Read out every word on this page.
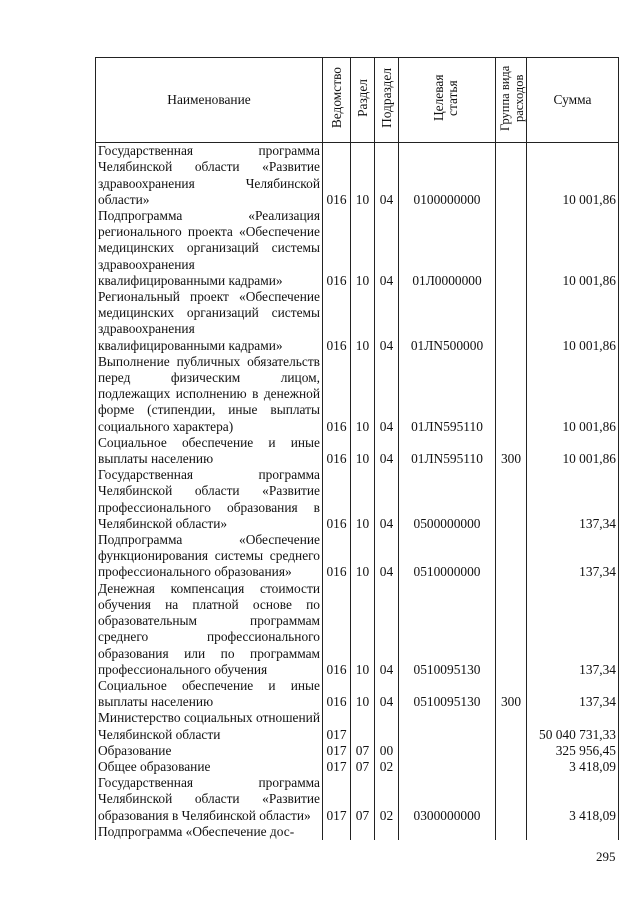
Наименование	Ведомство	Раздел	Подраздел	Целевая статья	Группа вида расходов	Сумма
Государственная программа Челябинской области «Развитие здравоохранения Челябинской области»	016	10	04	0100000000		10 001,86
Подпрограмма «Реализация регионального проекта «Обеспечение медицинских организаций системы здравоохранения квалифицированными кадрами»	016	10	04	01Л0000000		10 001,86
Региональный проект «Обеспечение медицинских организаций системы здравоохранения квалифицированными кадрами»	016	10	04	01ЛN500000		10 001,86
Выполнение публичных обязательств перед физическим лицом, подлежащих исполнению в денежной форме (стипендии, иные выплаты социального характера)	016	10	04	01ЛN595110		10 001,86
Социальное обеспечение и иные выплаты населению	016	10	04	01ЛN595110	300	10 001,86
Государственная программа Челябинской области «Развитие профессионального образования в Челябинской области»	016	10	04	0500000000		137,34
Подпрограмма «Обеспечение функционирования системы среднего профессионального образования»	016	10	04	0510000000		137,34
Денежная компенсация стоимости обучения на платной основе по образовательным программам среднего профессионального образования или по программам профессионального обучения	016	10	04	0510095130		137,34
Социальное обеспечение и иные выплаты населению	016	10	04	0510095130	300	137,34
Министерство социальных отношений Челябинской области	017					50 040 731,33
Образование	017	07	00			325 956,45
Общее образование	017	07	02			3 418,09
Государственная программа Челябинской области «Развитие образования в Челябинской области»	017	07	02	0300000000		3 418,09
Подпрограмма «Обеспечение дос-						
295
